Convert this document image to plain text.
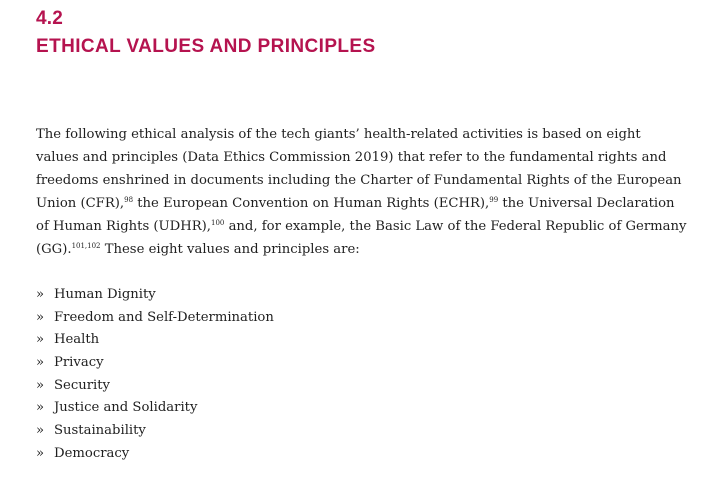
4.2
ETHICAL VALUES AND PRINCIPLES
The following ethical analysis of the tech giants’ health-related activities is based on eight
values and principles (Data Ethics Commission 2019) that refer to the fundamental rights and
freedoms enshrined in documents including the Charter of Fundamental Rights of the European
Union (CFR),$^{98}$ the European Convention on Human Rights (ECHR),$^{99}$ the Universal Declaration
of Human Rights (UDHR),$^{100}$ and, for example, the Basic Law of the Federal Republic of Germany
(GG).$^{101,102}$ These eight values and principles are:
» Human Dignity
» Freedom and Self-Determination
» Health
» Privacy
» Security
» Justice and Solidarity
» Sustainability
» Democracy
